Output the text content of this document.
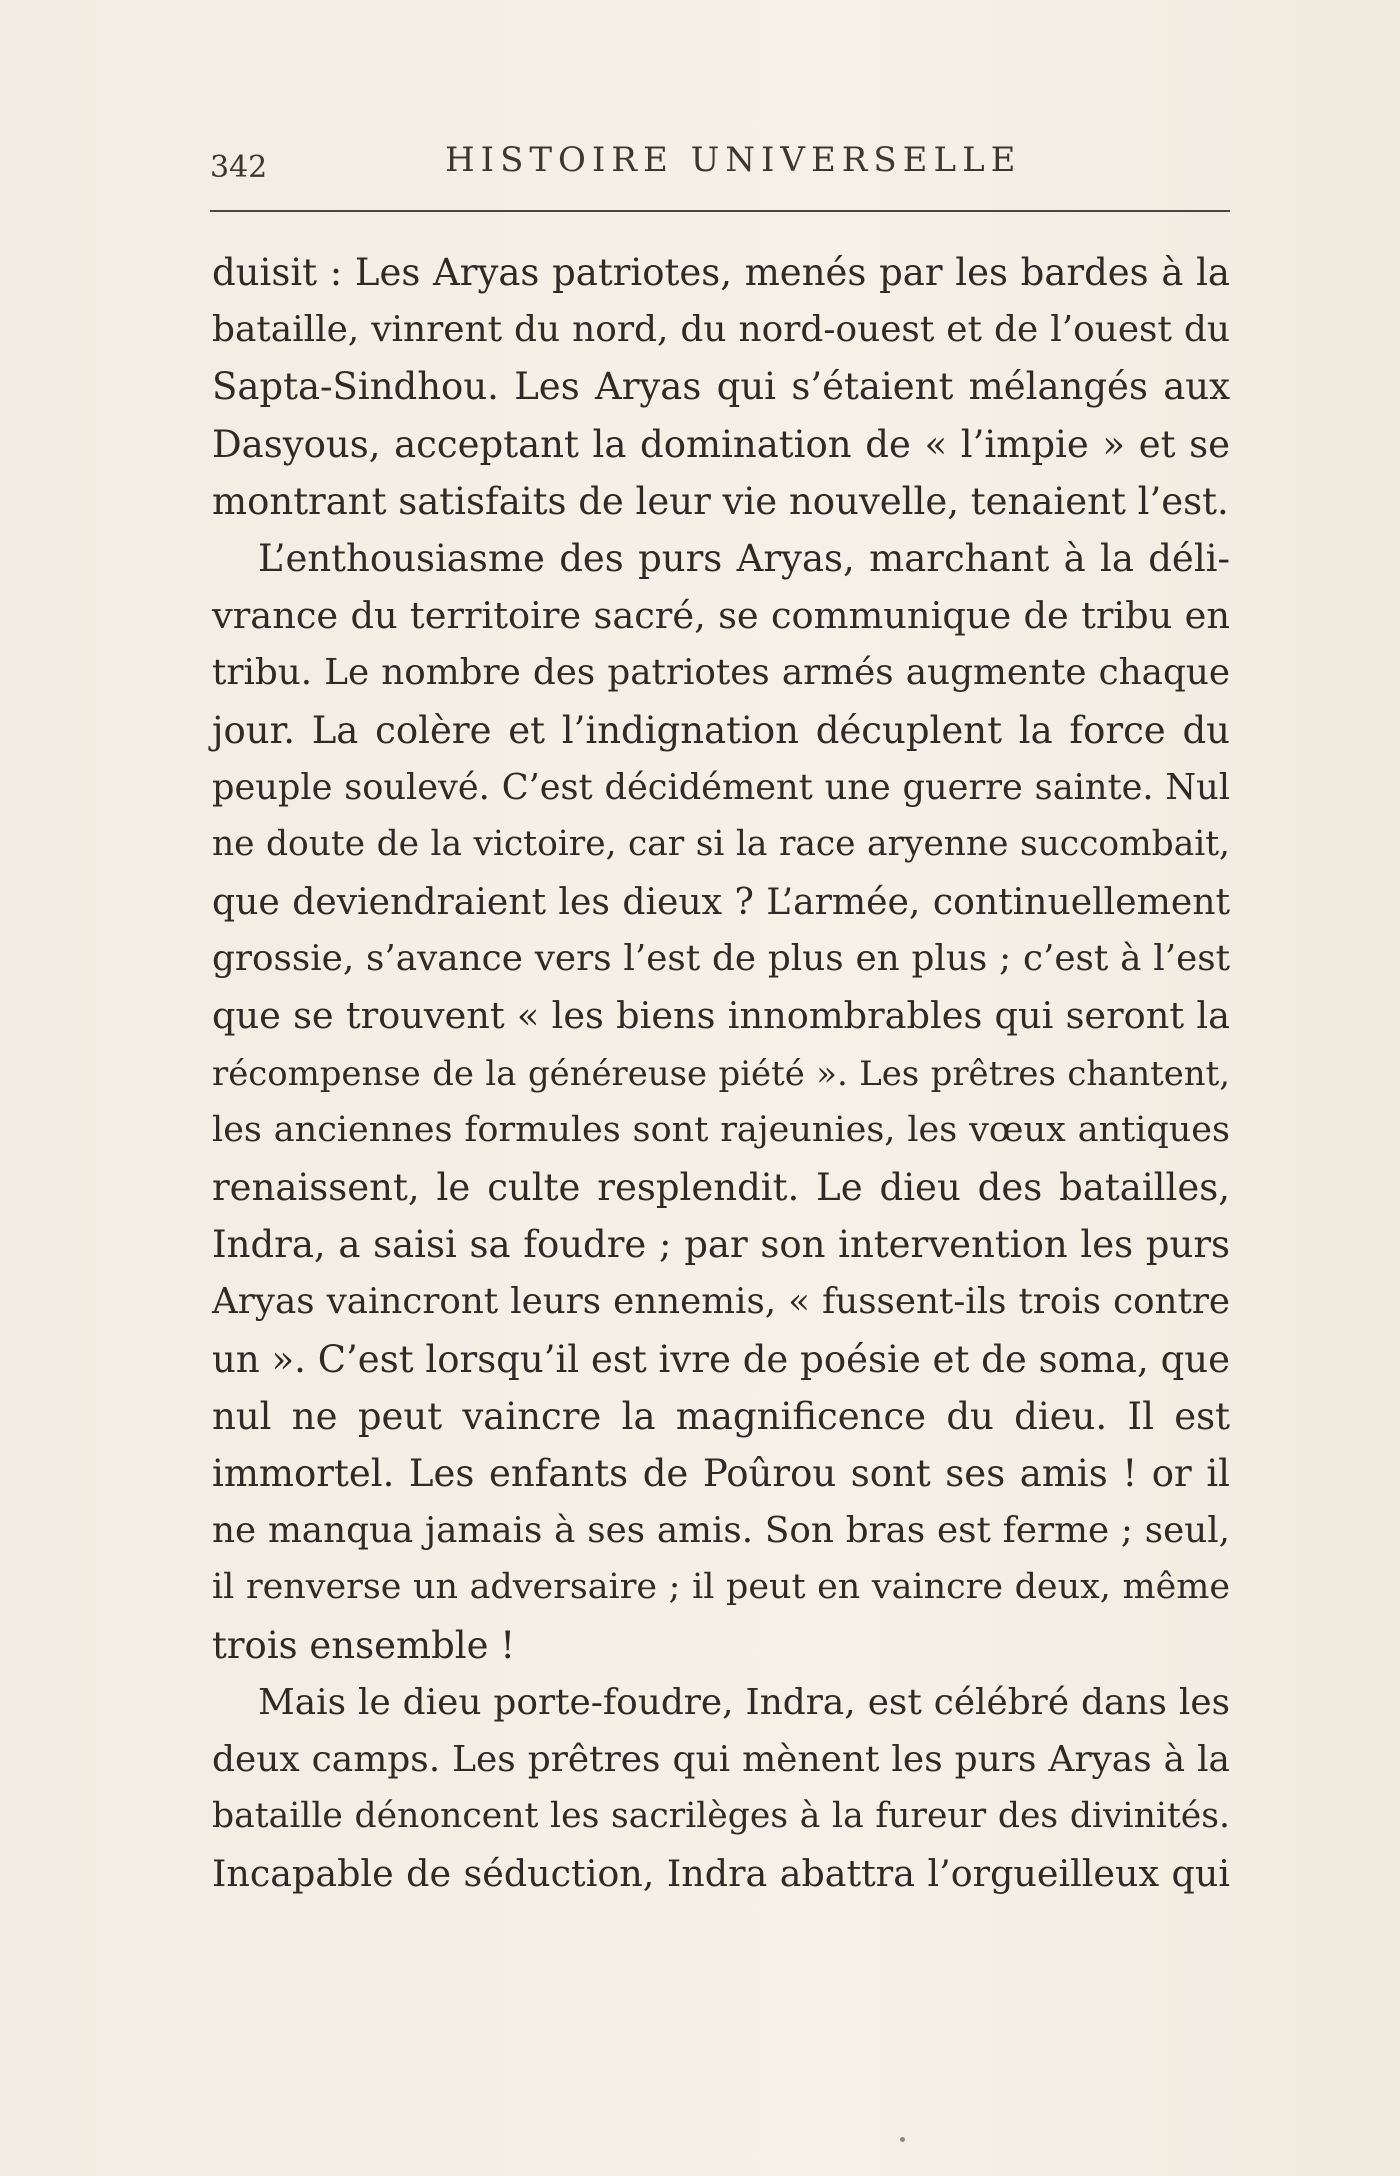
342	HISTOIRE UNIVERSELLE
duisit : Les Aryas patriotes, menés par les bardes à la
bataille, vinrent du nord, du nord-ouest et de l’ouest du
Sapta-Sindhou. Les Aryas qui s’étaient mélangés aux
Dasyous, acceptant la domination de « l’impie » et se
montrant satisfaits de leur vie nouvelle, tenaient l’est.
L’enthousiasme des purs Aryas, marchant à la déli-
vrance du territoire sacré, se communique de tribu en
tribu. Le nombre des patriotes armés augmente chaque
jour. La colère et l’indignation décuplent la force du
peuple soulevé. C’est décidément une guerre sainte. Nul
ne doute de la victoire, car si la race aryenne succombait,
que deviendraient les dieux ? L’armée, continuellement
grossie, s’avance vers l’est de plus en plus ; c’est à l’est
que se trouvent « les biens innombrables qui seront la
récompense de la généreuse piété ». Les prêtres chantent,
les anciennes formules sont rajeunies, les vœux antiques
renaissent, le culte resplendit. Le dieu des batailles,
Indra, a saisi sa foudre ; par son intervention les purs
Aryas vaincront leurs ennemis, « fussent-ils trois contre
un ». C’est lorsqu’il est ivre de poésie et de soma, que
nul ne peut vaincre la magnificence du dieu. Il est
immortel. Les enfants de Poûrou sont ses amis ! or il
ne manqua jamais à ses amis. Son bras est ferme ; seul,
il renverse un adversaire ; il peut en vaincre deux, même
trois ensemble !
Mais le dieu porte-foudre, Indra, est célébré dans les
deux camps. Les prêtres qui mènent les purs Aryas à la
bataille dénoncent les sacrilèges à la fureur des divinités.
Incapable de séduction, Indra abattra l’orgueilleux qui
